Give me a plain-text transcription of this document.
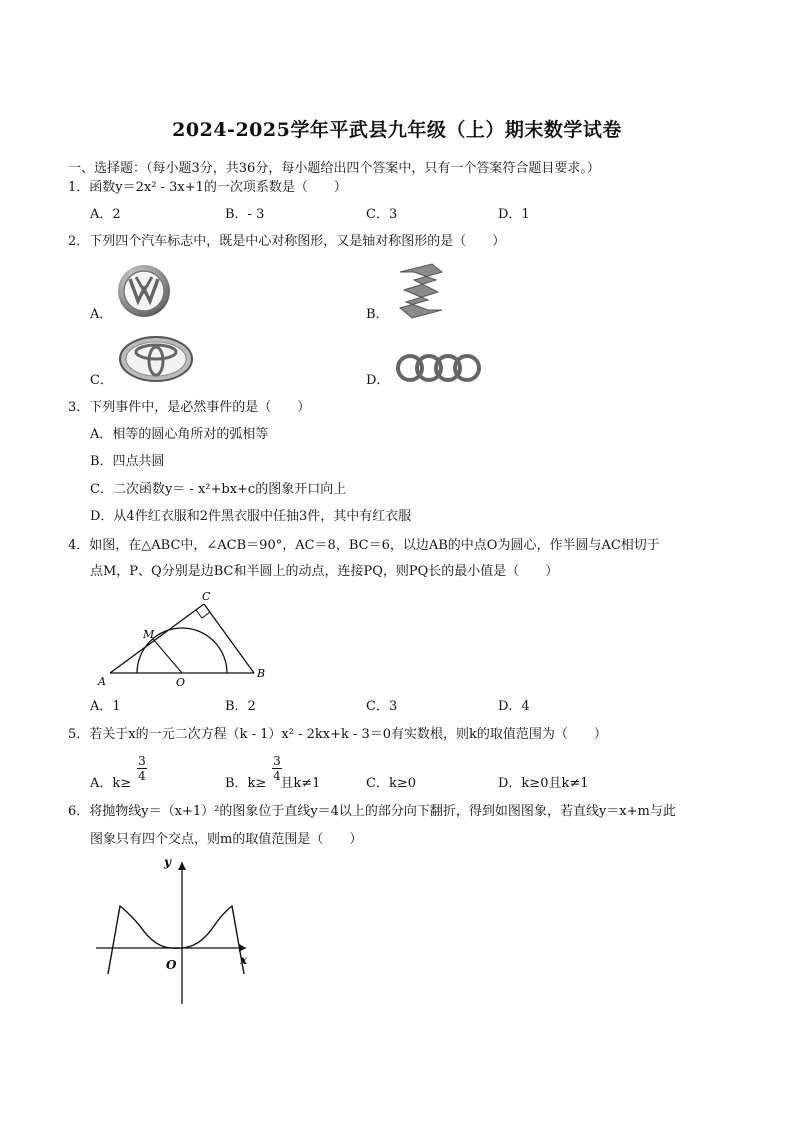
2024-2025学年平武县九年级（上）期末数学试卷
一、选择题：（每小题3分，共36分，每小题给出四个答案中，只有一个答案符合题目要求。）
1．函数y＝2x² - 3x+1的一次项系数是（　　）
A．2	B．- 3	C．3	D．1
2．下列四个汽车标志中，既是中心对称图形，又是轴对称图形的是（　　）
A．	B．
C．	D．
3．下列事件中，是必然事件的是（　　）
A．相等的圆心角所对的弧相等
B．四点共圆
C．二次函数y＝ - x²+bx+c的图象开口向上
D．从4件红衣服和2件黑衣服中任抽3件，其中有红衣服
4．如图，在△ABC中，∠ACB＝90°，AC＝8，BC＝6，以边AB的中点O为圆心，作半圆与AC相切于
点M，P、Q分别是边BC和半圆上的动点，连接PQ，则PQ长的最小值是（　　）
C
M
A	O
B
A．1	B．2	C．3	D．4
5．若关于x的一元二次方程（k - 1）x² - 2kx+k - 3＝0有实数根，则k的取值范围为（　　）
A．k≥
3
4	B．k≥ 且k≠1
3
4	C．k≥0	D．k≥0且k≠1
6．将抛物线y＝（x+1）²的图象位于直线y＝4以上的部分向下翻折，得到如图图象，若直线y＝x+m与此
图象只有四个交点，则m的取值范围是（　　）
y
x
O
